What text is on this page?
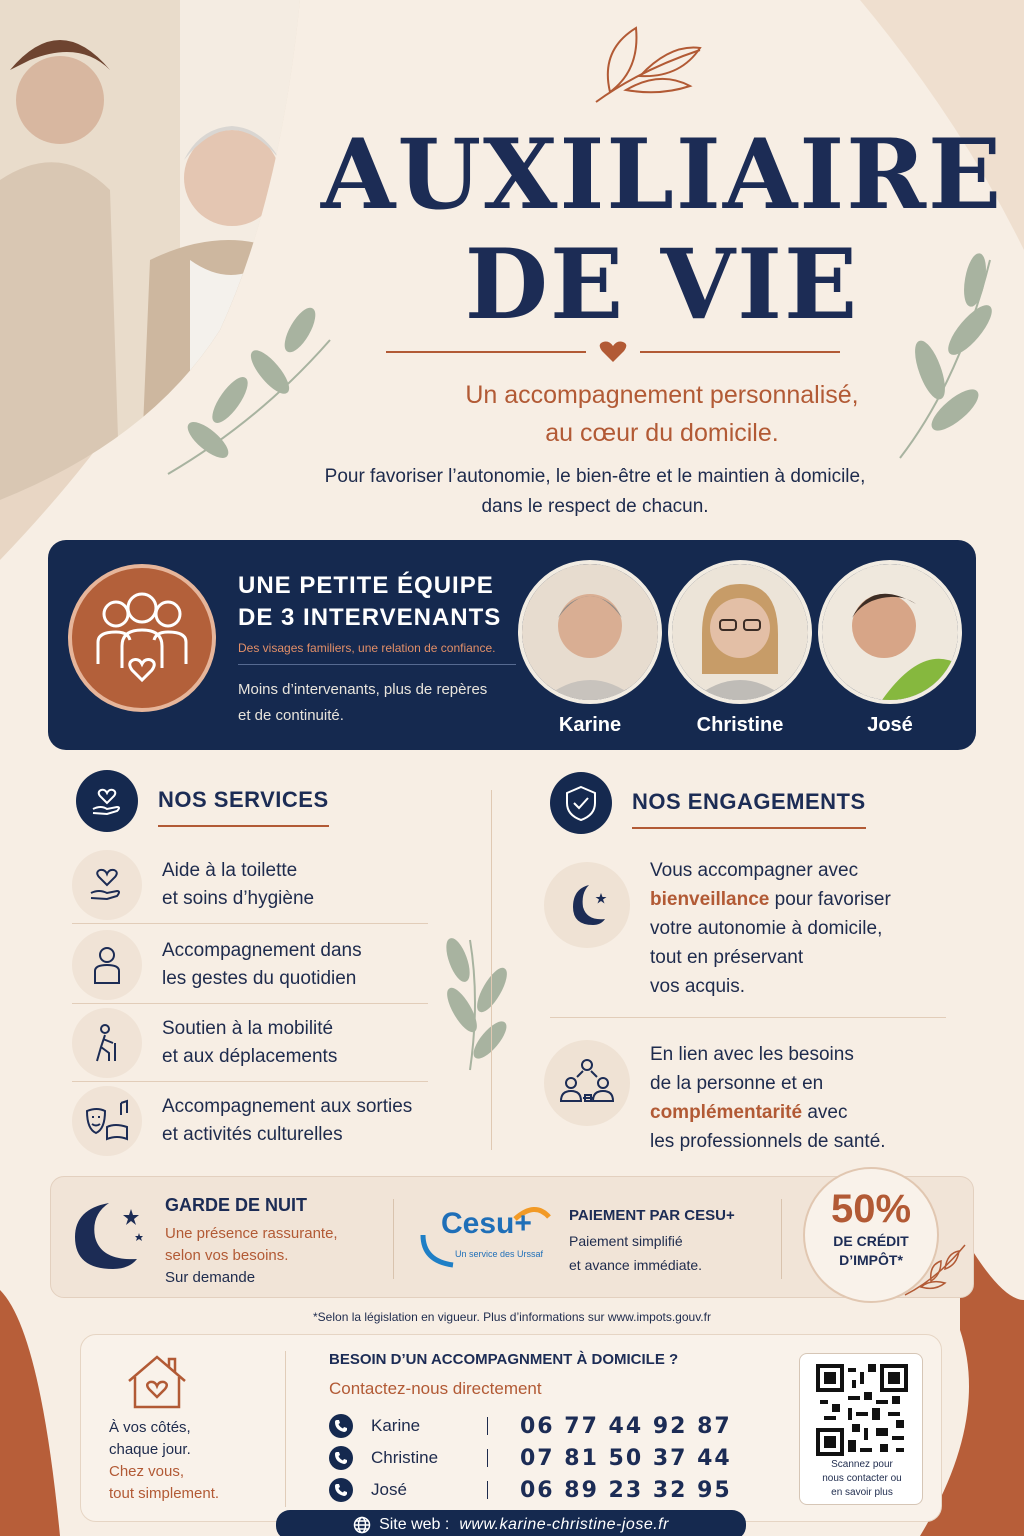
AUXILIAIRE
DE VIE
Un accompagnement personnalisé,
au cœur du domicile.
Pour favoriser l’autonomie, le bien-être et le maintien à domicile,
dans le respect de chacun.
UNE PETITE ÉQUIPE
DE 3 INTERVENANTS
Des visages familiers, une relation de confiance.
Moins d’intervenants, plus de repères
et de continuité.	Karine	Christine	José
NOS SERVICES
Aide à la toilette
et soins d’hygiène
Accompagnement dans
les gestes du quotidien
Soutien à la mobilité
et aux déplacements
Accompagnement aux sorties
et activités culturelles
NOS ENGAGEMENTS
Vous accompagner avec
bienveillance pour favoriser
votre autonomie à domicile,
tout en préservant
vos acquis.
En lien avec les besoins
de la personne et en
complémentarité avec
les professionnels de santé.
GARDE DE NUIT
Une présence rassurante,
selon vos besoins.
Sur demande
Cesu+
Un service des Urssaf
PAIEMENT PAR CESU+
Paiement simplifié
et avance immédiate.
50%
DE CRÉDIT
D’IMPÔT*
*Selon la législation en vigueur. Plus d’informations sur www.impots.gouv.fr
À vos côtés,
chaque jour.
Chez vous,
tout simplement.
BESOIN D’UN ACCOMPAGNMENT À DOMICILE ?
Contactez-nous directement
Karine	06 77 44 92 87
Christine	07 81 50 37 44
José	06 89 23 32 95
Scannez pour
nous contacter ou
en savoir plus
Site web : www.karine-christine-jose.fr
